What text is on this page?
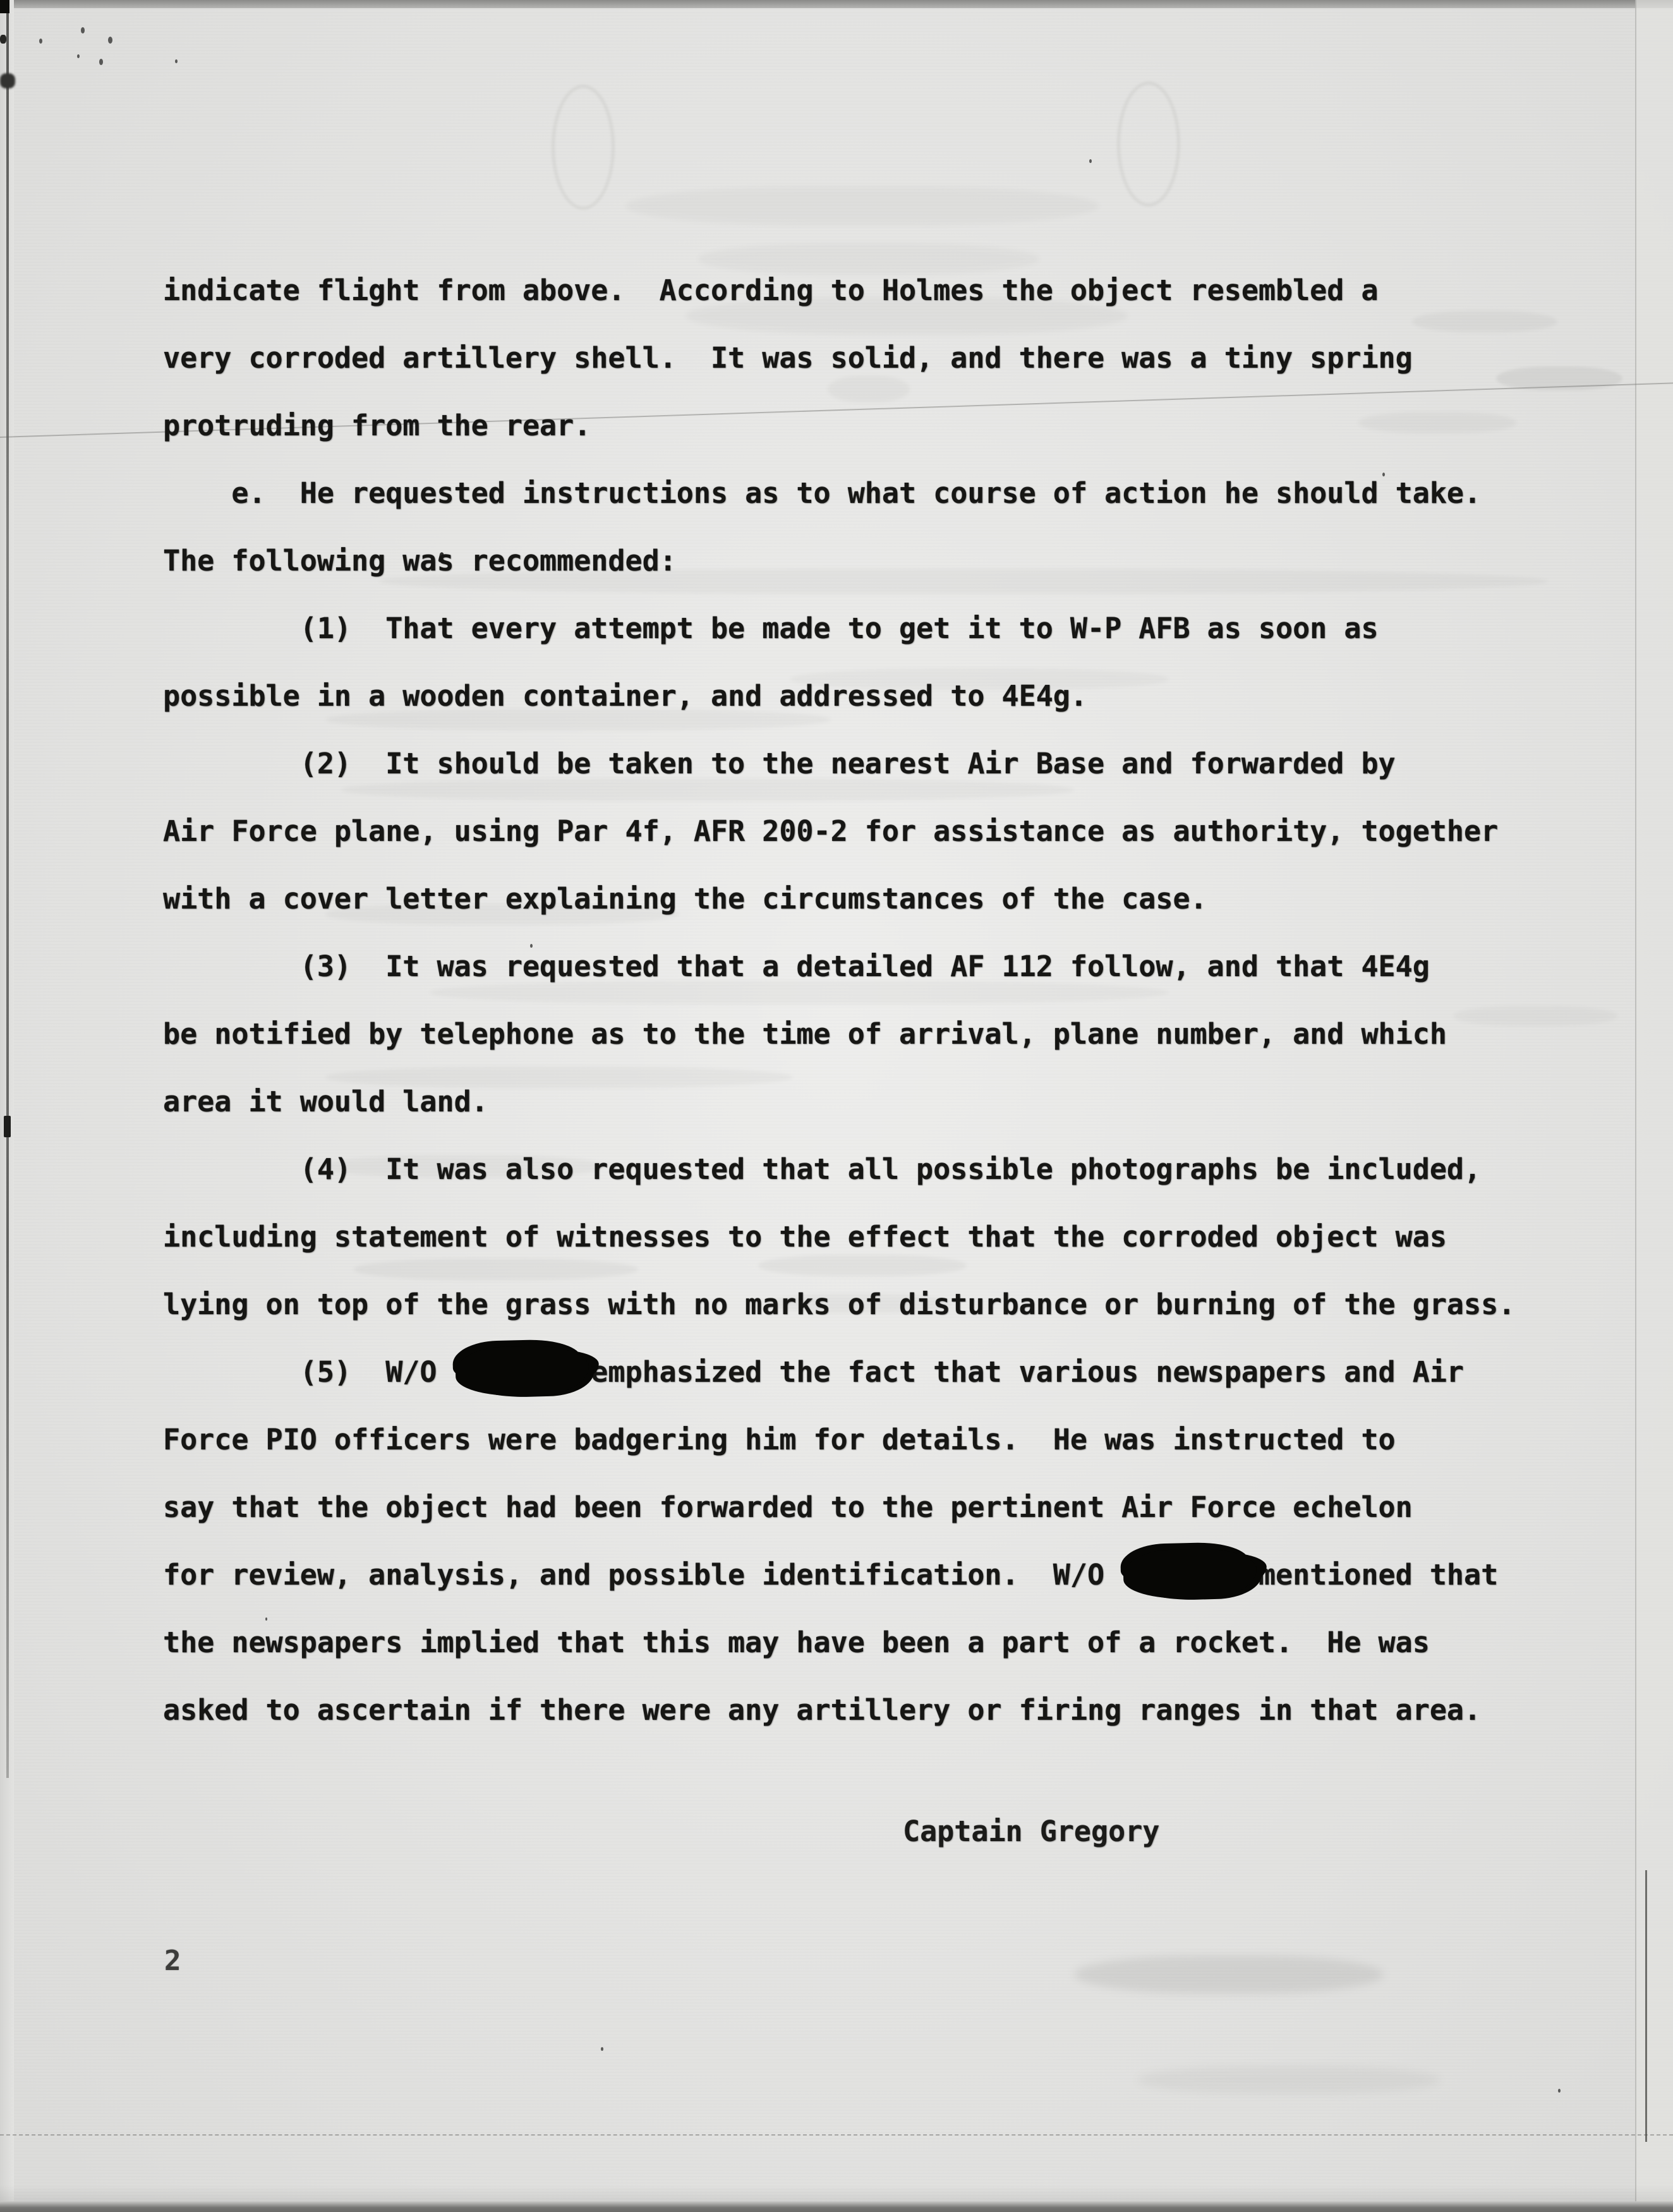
indicate flight from above.  According to Holmes the object resembled a
very corroded artillery shell.  It was solid, and there was a tiny spring
protruding from the rear.
e.  He requested instructions as to what course of action he should take.
The following was recommended:
(1)  That every attempt be made to get it to W-P AFB as soon as
possible in a wooden container, and addressed to 4E4g.
(2)  It should be taken to the nearest Air Base and forwarded by
Air Force plane, using Par 4f, AFR 200-2 for assistance as authority, together
with a cover letter explaining the circumstances of the case.
(3)  It was requested that a detailed AF 112 follow, and that 4E4g
be notified by telephone as to the time of arrival, plane number, and which
area it would land.
(4)  It was also requested that all possible photographs be included,
including statement of witnesses to the effect that the corroded object was
lying on top of the grass with no marks of disturbance or burning of the grass.
(5)  W/O	emphasized the fact that various newspapers and Air
Force PIO officers were badgering him for details.  He was instructed to
say that the object had been forwarded to the pertinent Air Force echelon
for review, analysis, and possible identification.  W/O	mentioned that
the newspapers implied that this may have been a part of a rocket.  He was
asked to ascertain if there were any artillery or firing ranges in that area.
Captain Gregory
2
